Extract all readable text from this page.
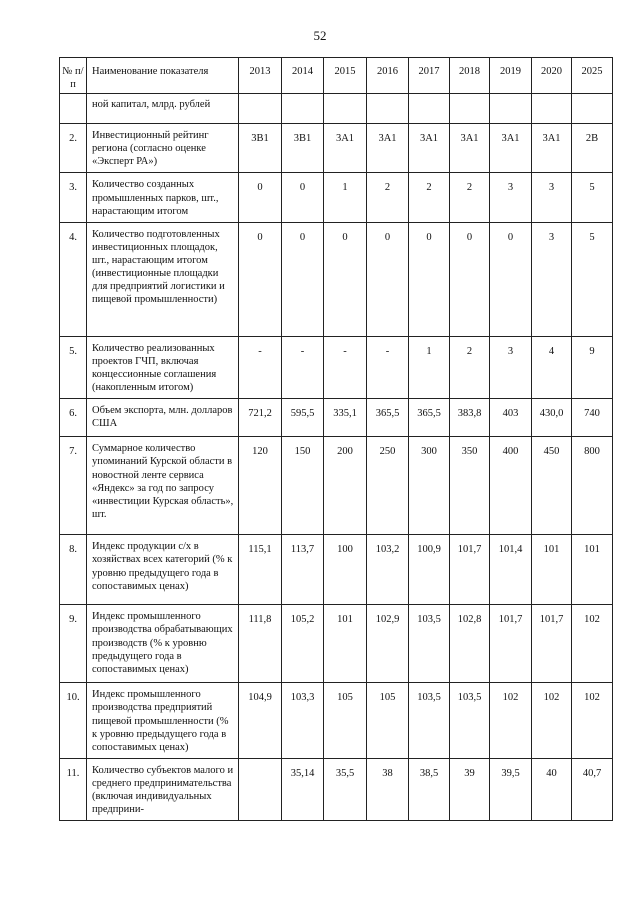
52
№ п/п	Наименование показателя	2013	2014	2015	2016	2017	2018	2019	2020	2025
	ной капитал, млрд. рублей									
2.	Инвестиционный рейтинг региона (согласно оценке «Эксперт РА»)	3B1	3B1	3A1	3A1	3A1	3A1	3A1	3A1	2B
3.	Количество созданных промышленных парков, шт., нарастающим итогом	0	0	1	2	2	2	3	3	5
4.	Количество подготовленных инвестиционных площадок, шт., нарастающим итогом (инвестиционные площадки для предприятий логистики и пищевой промышленности)	0	0	0	0	0	0	0	3	5
5.	Количество реализованных проектов ГЧП, включая концессионные соглашения (накопленным итогом)	-	-	-	-	1	2	3	4	9
6.	Объем экспорта, млн. долларов США	721,2	595,5	335,1	365,5	365,5	383,8	403	430,0	740
7.	Суммарное количество упоминаний Курской области в новостной ленте сервиса «Яндекс» за год по запросу «инвестиции Курская область», шт.	120	150	200	250	300	350	400	450	800
8.	Индекс продукции с/х в хозяйствах всех категорий (% к уровню предыдущего года в сопоставимых ценах)	115,1	113,7	100	103,2	100,9	101,7	101,4	101	101
9.	Индекс промышленного производства обрабатывающих производств (% к уровню предыдущего года в сопоставимых ценах)	111,8	105,2	101	102,9	103,5	102,8	101,7	101,7	102
10.	Индекс промышленного производства предприятий пищевой промышленности (% к уровню предыдущего года в сопоставимых ценах)	104,9	103,3	105	105	103,5	103,5	102	102	102
11.	Количество субъектов малого и среднего предпринимательства (включая индивидуальных предприни-		35,14	35,5	38	38,5	39	39,5	40	40,7
